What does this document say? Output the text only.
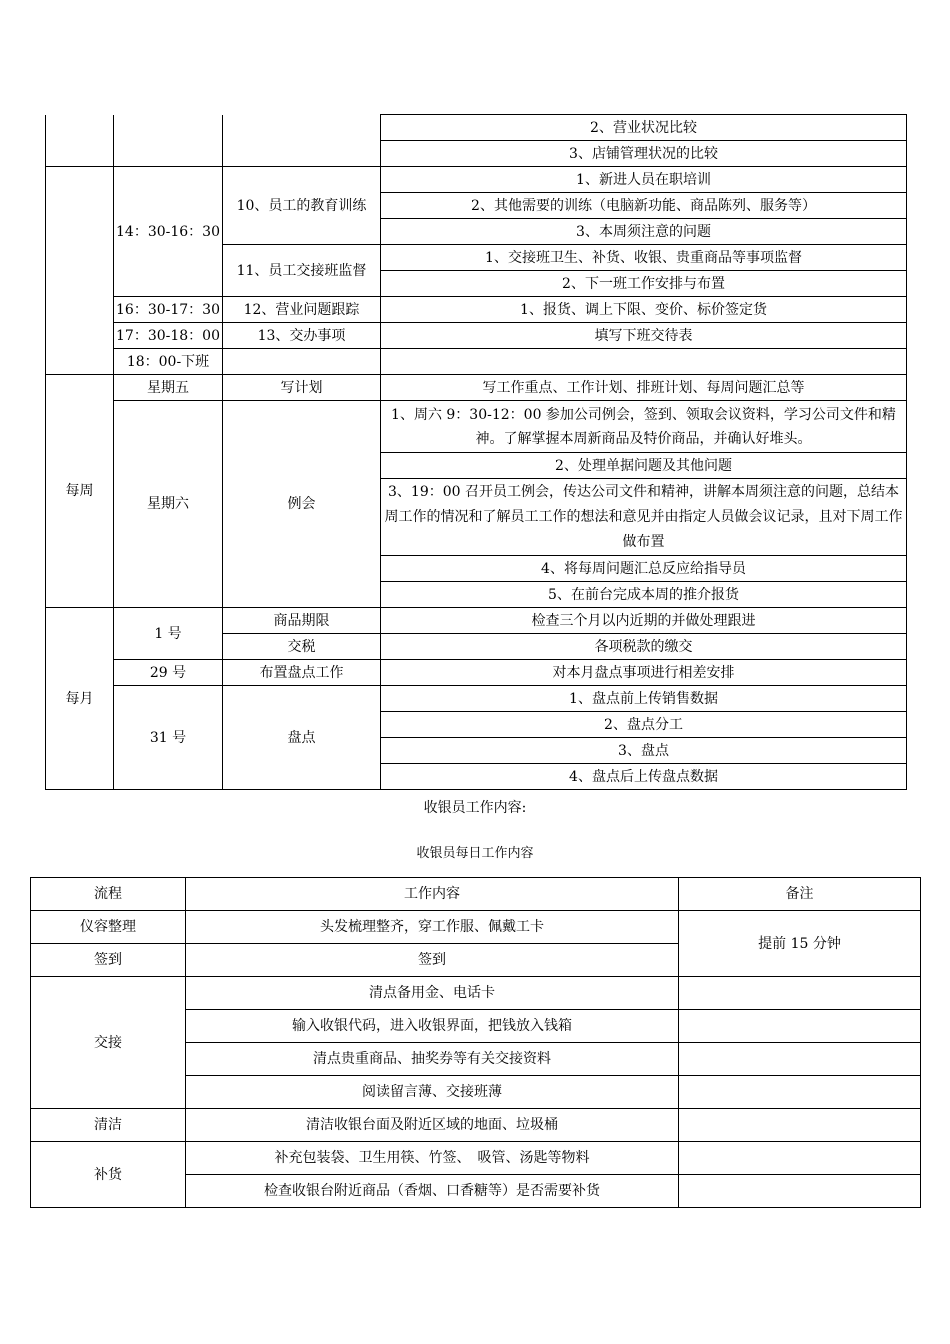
			2、营业状况比较
			3、店铺管理状况的比较
	14：30-16：30	10、员工的教育训练	1、新进人员在职培训
			2、其他需要的训练（电脑新功能、商品陈列、服务等）
			3、本周须注意的问题
		11、员工交接班监督	1、交接班卫生、补货、收银、贵重商品等事项监督
			2、下一班工作安排与布置
	16：30-17：30	12、营业问题跟踪	1、报货、调上下限、变价、标价签定货
	17：30-18：00	13、交办事项	填写下班交待表
	18：00-下班		
每周	星期五	写计划	写工作重点、工作计划、排班计划、每周问题汇总等
	星期六	例会	1、周六 9：30-12：00 参加公司例会，签到、领取会议资料，学习公司文件和精神。了解掌握本周新商品及特价商品，并确认好堆头。
			2、处理单据问题及其他问题
			3、19：00 召开员工例会，传达公司文件和精神，讲解本周须注意的问题，总结本周工作的情况和了解员工工作的想法和意见并由指定人员做会议记录，且对下周工作做布置
			4、将每周问题汇总反应给指导员
			5、在前台完成本周的推介报货
每月	1 号	商品期限	检查三个月以内近期的并做处理跟进
		交税	各项税款的缴交
	29 号	布置盘点工作	对本月盘点事项进行相差安排
	31 号	盘点	1、盘点前上传销售数据
			2、盘点分工
			3、盘点
			4、盘点后上传盘点数据
收银员工作内容:
收银员每日工作内容
流程	工作内容	备注
仪容整理	头发梳理整齐，穿工作服、佩戴工卡	提前 15 分钟
签到	签到	
交接	清点备用金、电话卡	
	输入收银代码，进入收银界面，把钱放入钱箱	
	清点贵重商品、抽奖券等有关交接资料	
	阅读留言薄、交接班薄	
清洁	清洁收银台面及附近区域的地面、垃圾桶	
补货	补充包装袋、卫生用筷、竹签、　吸管、汤匙等物料	
	检查收银台附近商品（香烟、口香糖等）是否需要补货	
